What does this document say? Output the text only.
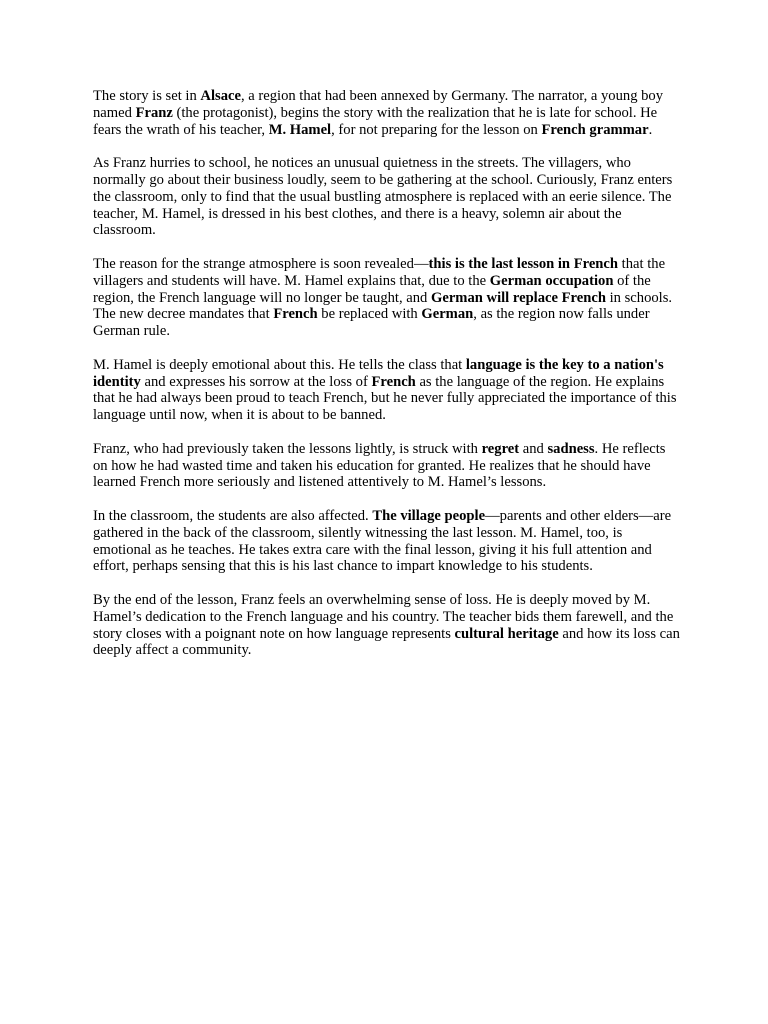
The story is set in Alsace, a region that had been annexed by Germany. The narrator, a young boy named Franz (the protagonist), begins the story with the realization that he is late for school. He fears the wrath of his teacher, M. Hamel, for not preparing for the lesson on French grammar.

As Franz hurries to school, he notices an unusual quietness in the streets. The villagers, who normally go about their business loudly, seem to be gathering at the school. Curiously, Franz enters the classroom, only to find that the usual bustling atmosphere is replaced with an eerie silence. The teacher, M. Hamel, is dressed in his best clothes, and there is a heavy, solemn air about the classroom.

The reason for the strange atmosphere is soon revealed—this is the last lesson in French that the villagers and students will have. M. Hamel explains that, due to the German occupation of the region, the French language will no longer be taught, and German will replace French in schools. The new decree mandates that French be replaced with German, as the region now falls under German rule.

M. Hamel is deeply emotional about this. He tells the class that language is the key to a nation's identity and expresses his sorrow at the loss of French as the language of the region. He explains that he had always been proud to teach French, but he never fully appreciated the importance of this language until now, when it is about to be banned.

Franz, who had previously taken the lessons lightly, is struck with regret and sadness. He reflects on how he had wasted time and taken his education for granted. He realizes that he should have learned French more seriously and listened attentively to M. Hamel’s lessons.

In the classroom, the students are also affected. The village people—parents and other elders—are gathered in the back of the classroom, silently witnessing the last lesson. M. Hamel, too, is emotional as he teaches. He takes extra care with the final lesson, giving it his full attention and effort, perhaps sensing that this is his last chance to impart knowledge to his students.

By the end of the lesson, Franz feels an overwhelming sense of loss. He is deeply moved by M. Hamel’s dedication to the French language and his country. The teacher bids them farewell, and the story closes with a poignant note on how language represents cultural heritage and how its loss can deeply affect a community.
